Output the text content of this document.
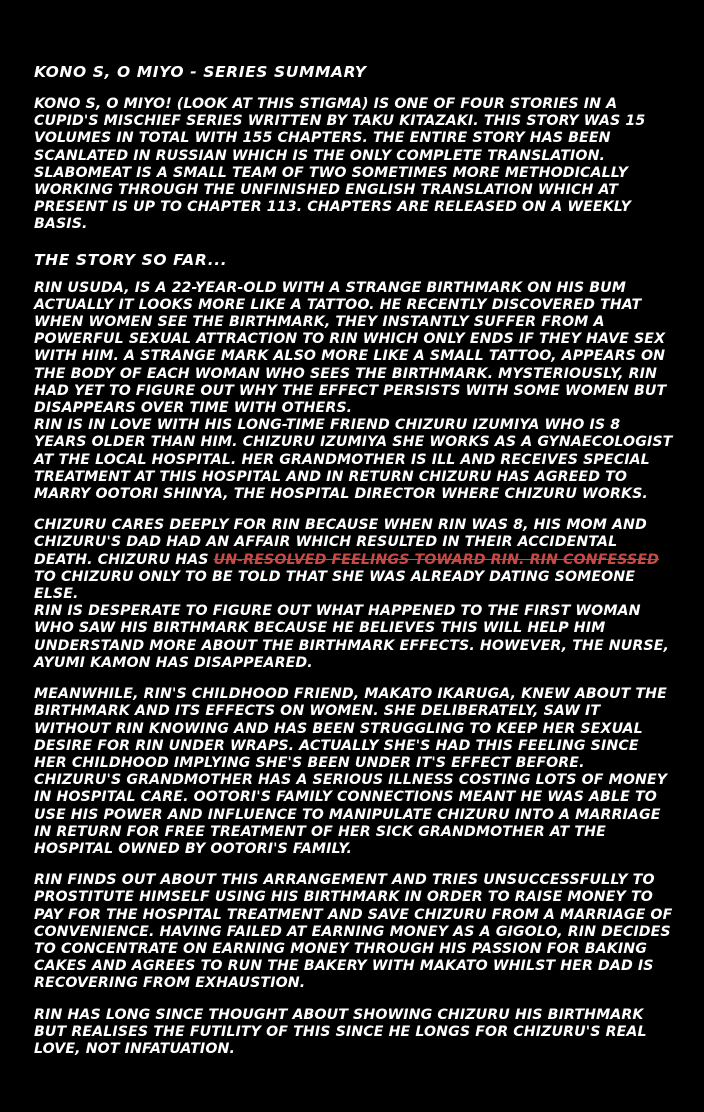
KONO S, O MIYO - SERIES SUMMARY

KONO S, O MIYO! (LOOK AT THIS STIGMA) IS ONE OF FOUR STORIES IN A CUPID'S MISCHIEF SERIES WRITTEN BY TAKU KITAZAKI. THIS STORY WAS 15 VOLUMES IN TOTAL WITH 155 CHAPTERS. THE ENTIRE STORY HAS BEEN SCANLATED IN RUSSIAN WHICH IS THE ONLY COMPLETE TRANSLATION. SLABOMEAT IS A SMALL TEAM OF TWO SOMETIMES MORE METHODICALLY WORKING THROUGH THE UNFINISHED ENGLISH TRANSLATION WHICH AT PRESENT IS UP TO CHAPTER 113. CHAPTERS ARE RELEASED ON A WEEKLY BASIS.

THE STORY SO FAR...

RIN USUDA, IS A 22-YEAR-OLD WITH A STRANGE BIRTHMARK ON HIS BUM ACTUALLY IT LOOKS MORE LIKE A TATTOO. HE RECENTLY DISCOVERED THAT WHEN WOMEN SEE THE BIRTHMARK, THEY INSTANTLY SUFFER FROM A POWERFUL SEXUAL ATTRACTION TO RIN WHICH ONLY ENDS IF THEY HAVE SEX WITH HIM. A STRANGE MARK ALSO MORE LIKE A SMALL TATTOO, APPEARS ON THE BODY OF EACH WOMAN WHO SEES THE BIRTHMARK. MYSTERIOUSLY, RIN HAD YET TO FIGURE OUT WHY THE EFFECT PERSISTS WITH SOME WOMEN BUT DISAPPEARS OVER TIME WITH OTHERS.

RIN IS IN LOVE WITH HIS LONG-TIME FRIEND CHIZURU IZUMIYA WHO IS 8 YEARS OLDER THAN HIM. CHIZURU IZUMIYA SHE WORKS AS A GYNAECOLOGIST AT THE LOCAL HOSPITAL. HER GRANDMOTHER IS ILL AND RECEIVES SPECIAL TREATMENT AT THIS HOSPITAL AND IN RETURN CHIZURU HAS AGREED TO MARRY OOTORI SHINYA, THE HOSPITAL DIRECTOR WHERE CHIZURU WORKS.

CHIZURU CARES DEEPLY FOR RIN BECAUSE WHEN RIN WAS 8, HIS MOM AND CHIZURU'S DAD HAD AN AFFAIR WHICH RESULTED IN THEIR ACCIDENTAL DEATH. CHIZURU HAS UN-RESOLVED FEELINGS TOWARD RIN. RIN CONFESSED TO CHIZURU ONLY TO BE TOLD THAT SHE WAS ALREADY DATING SOMEONE ELSE.

RIN IS DESPERATE TO FIGURE OUT WHAT HAPPENED TO THE FIRST WOMAN WHO SAW HIS BIRTHMARK BECAUSE HE BELIEVES THIS WILL HELP HIM UNDERSTAND MORE ABOUT THE BIRTHMARK EFFECTS. HOWEVER, THE NURSE, AYUMI KAMON HAS DISAPPEARED.

MEANWHILE, RIN'S CHILDHOOD FRIEND, MAKATO IKARUGA, KNEW ABOUT THE BIRTHMARK AND ITS EFFECTS ON WOMEN. SHE DELIBERATELY, SAW IT WITHOUT RIN KNOWING AND HAS BEEN STRUGGLING TO KEEP HER SEXUAL DESIRE FOR RIN UNDER WRAPS. ACTUALLY SHE'S HAD THIS FEELING SINCE HER CHILDHOOD IMPLYING SHE'S BEEN UNDER IT'S EFFECT BEFORE.

CHIZURU'S GRANDMOTHER HAS A SERIOUS ILLNESS COSTING LOTS OF MONEY IN HOSPITAL CARE. OOTORI'S FAMILY CONNECTIONS MEANT HE WAS ABLE TO USE HIS POWER AND INFLUENCE TO MANIPULATE CHIZURU INTO A MARRIAGE IN RETURN FOR FREE TREATMENT OF HER SICK GRANDMOTHER AT THE HOSPITAL OWNED BY OOTORI'S FAMILY.

RIN FINDS OUT ABOUT THIS ARRANGEMENT AND TRIES UNSUCCESSFULLY TO PROSTITUTE HIMSELF USING HIS BIRTHMARK IN ORDER TO RAISE MONEY TO PAY FOR THE HOSPITAL TREATMENT AND SAVE CHIZURU FROM A MARRIAGE OF CONVENIENCE. HAVING FAILED AT EARNING MONEY AS A GIGOLO, RIN DECIDES TO CONCENTRATE ON EARNING MONEY THROUGH HIS PASSION FOR BAKING CAKES AND AGREES TO RUN THE BAKERY WITH MAKATO WHILST HER DAD IS RECOVERING FROM EXHAUSTION.

RIN HAS LONG SINCE THOUGHT ABOUT SHOWING CHIZURU HIS BIRTHMARK BUT REALISES THE FUTILITY OF THIS SINCE HE LONGS FOR CHIZURU'S REAL LOVE, NOT INFATUATION.
